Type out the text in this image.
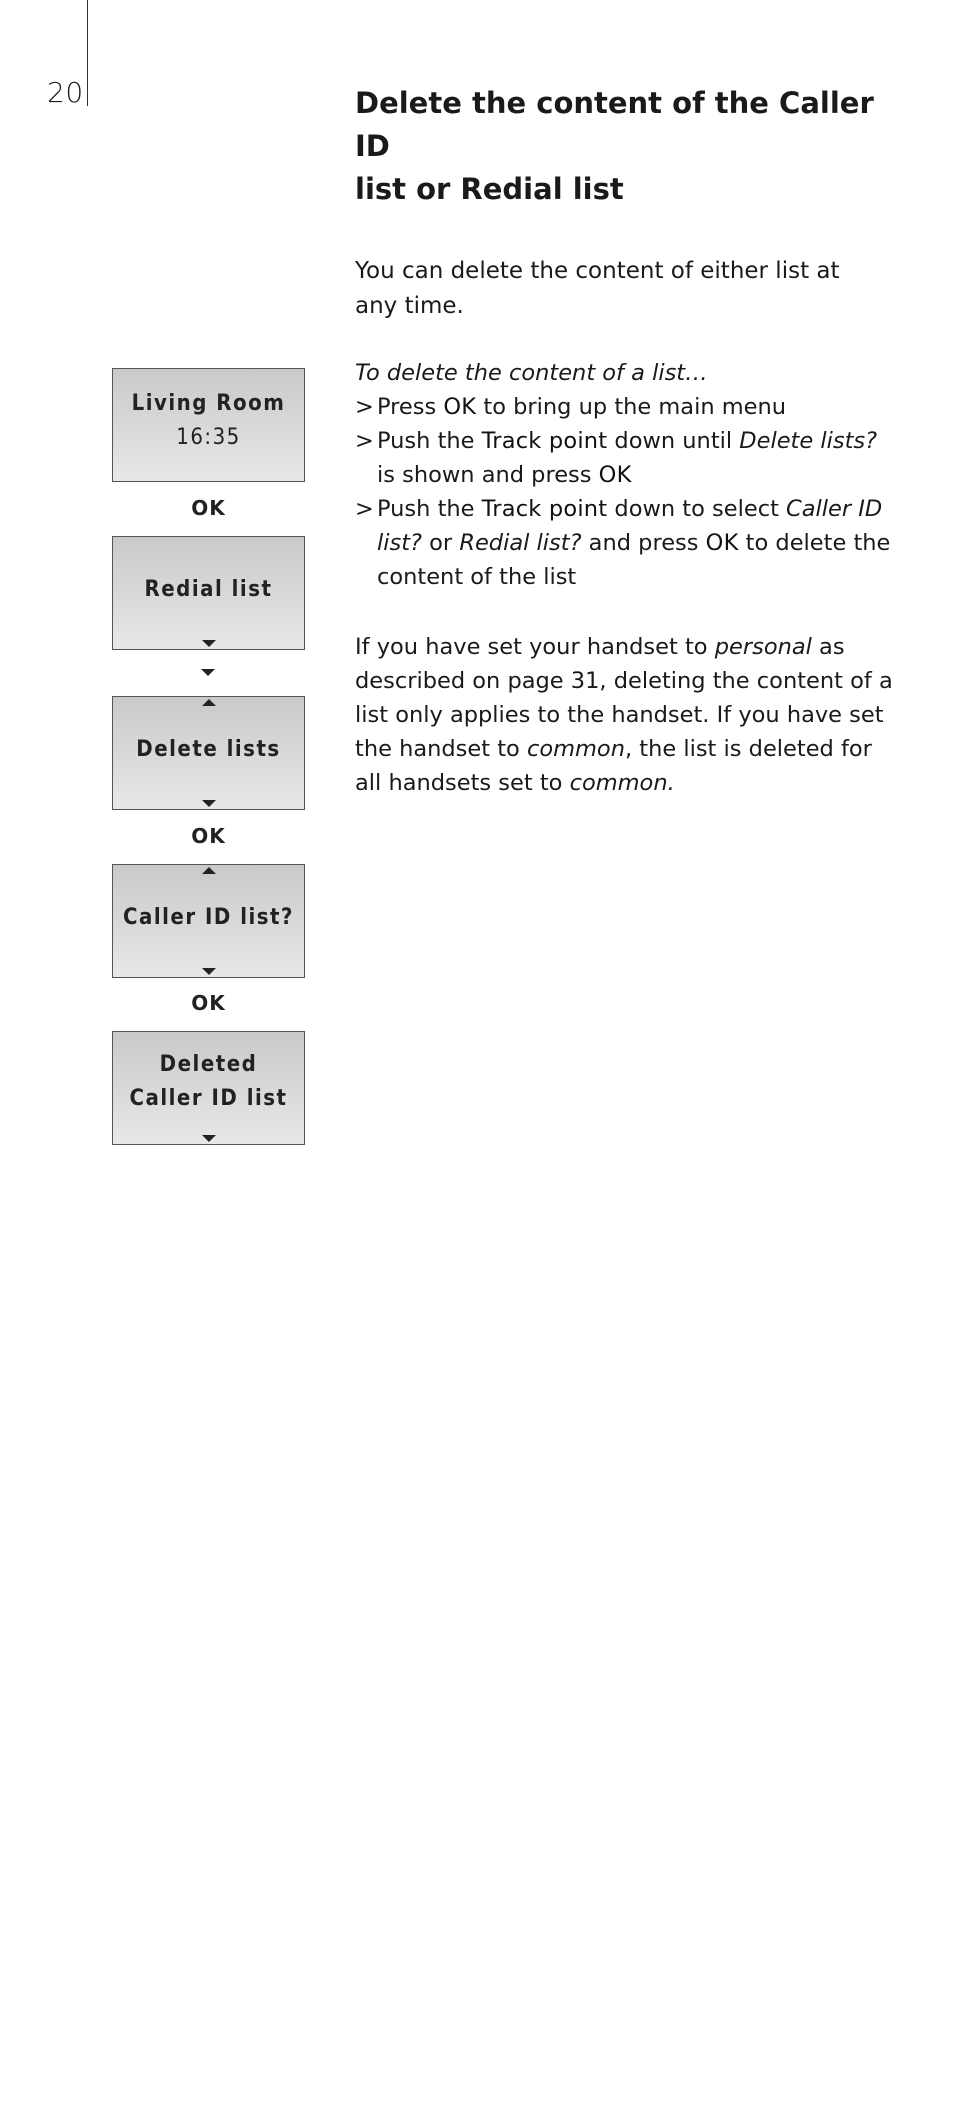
20	Delete the content of the Caller ID
list or Redial list

You can delete the content of either list at any time.

To delete the content of a list…

> Press OK to bring up the main menu

> Push the Track point down until Delete lists? is shown and press OK

> Push the Track point down to select Caller ID list? or Redial list? and press OK to delete the content of the list

If you have set your handset to personal as described on page 31, deleting the content of a list only applies to the handset. If you have set the handset to common, the list is deleted for all handsets set to common.

Living Room
16:35
OK
Redial list
Delete lists
OK
Caller ID list?
OK
Deleted
Caller ID list
